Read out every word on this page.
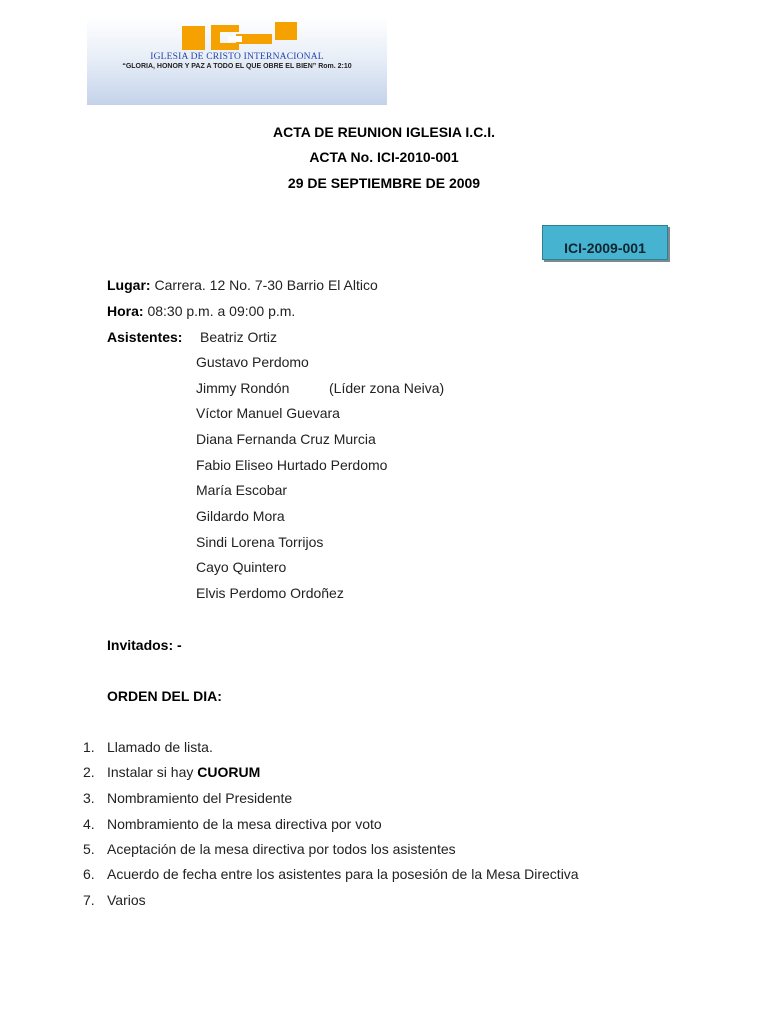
IGLESIA DE CRISTO INTERNACIONAL
“GLORIA, HONOR Y PAZ A TODO EL QUE OBRE EL BIEN” Rom. 2:10
ACTA DE REUNION IGLESIA I.C.I.
ACTA No. ICI-2010-001
29 DE SEPTIEMBRE DE 2009
ICI-2009-001
Lugar: Carrera. 12 No. 7-30 Barrio El Altico
Hora: 08:30 p.m. a 09:00 p.m.
Asistentes: Beatriz Ortiz
Gustavo Perdomo
Jimmy Rondón	(Líder zona Neiva)
Víctor Manuel Guevara
Diana Fernanda Cruz Murcia
Fabio Eliseo Hurtado Perdomo
María Escobar
Gildardo Mora
Sindi Lorena Torrijos
Cayo Quintero
Elvis Perdomo Ordoñez
Invitados: -
ORDEN DEL DIA:
1. Llamado de lista.
2. Instalar si hay CUORUM
3. Nombramiento del Presidente
4. Nombramiento de la mesa directiva por voto
5. Aceptación de la mesa directiva por todos los asistentes
6. Acuerdo de fecha entre los asistentes para la posesión de la Mesa Directiva
7. Varios
